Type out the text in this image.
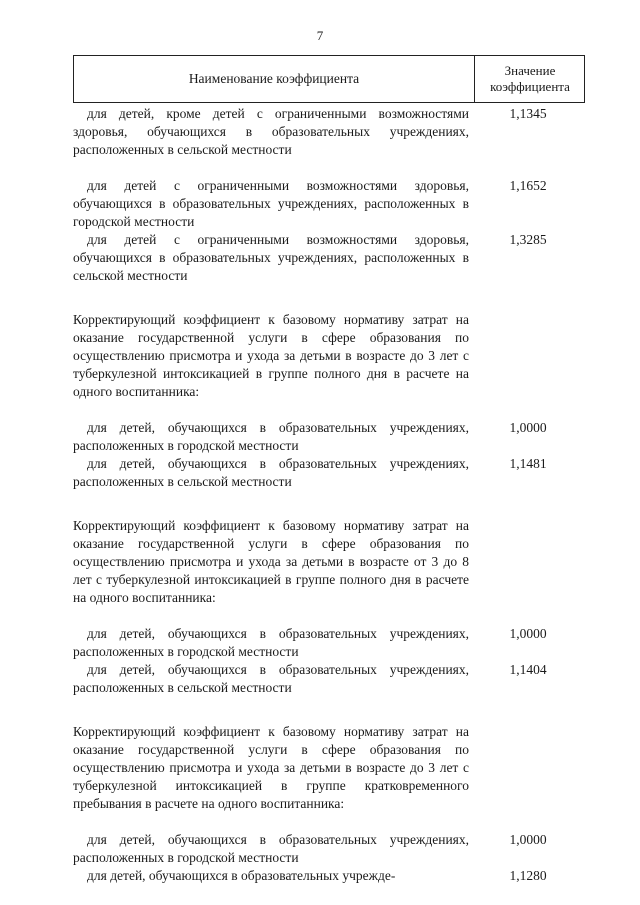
7
Наименование коэффициента
Значение
коэффициента
для детей, кроме детей с ограниченными возможностями здоровья, обучающихся в образовательных учреждениях, расположенных в сельской местности
1,1345
для детей с ограниченными возможностями здоровья, обучающихся в образовательных учреждениях, расположенных в городской местности
1,1652
для детей с ограниченными возможностями здоровья, обучающихся в образовательных учреждениях, расположенных в сельской местности
1,3285
Корректирующий коэффициент к базовому нормативу затрат на оказание государственной услуги в сфере образования по осуществлению присмотра и ухода за детьми в возрасте до 3 лет с туберкулезной интоксикацией в группе полного дня в расчете на одного воспитанника:
для детей, обучающихся в образовательных учреждениях, расположенных в городской местности
1,0000
для детей, обучающихся в образовательных учреждениях, расположенных в сельской местности
1,1481
Корректирующий коэффициент к базовому нормативу затрат на оказание государственной услуги в сфере образования по осуществлению присмотра и ухода за детьми в возрасте от 3 до 8 лет с туберкулезной интоксикацией в группе полного дня в расчете на одного воспитанника:
для детей, обучающихся в образовательных учреждениях, расположенных в городской местности
1,0000
для детей, обучающихся в образовательных учреждениях, расположенных в сельской местности
1,1404
Корректирующий коэффициент к базовому нормативу затрат на оказание государственной услуги в сфере образования по осуществлению присмотра и ухода за детьми в возрасте до 3 лет с туберкулезной интоксикацией в группе кратковременного пребывания в расчете на одного воспитанника:
для детей, обучающихся в образовательных учреждениях, расположенных в городской местности
1,0000
для детей, обучающихся в образовательных учрежде-	1,1280
